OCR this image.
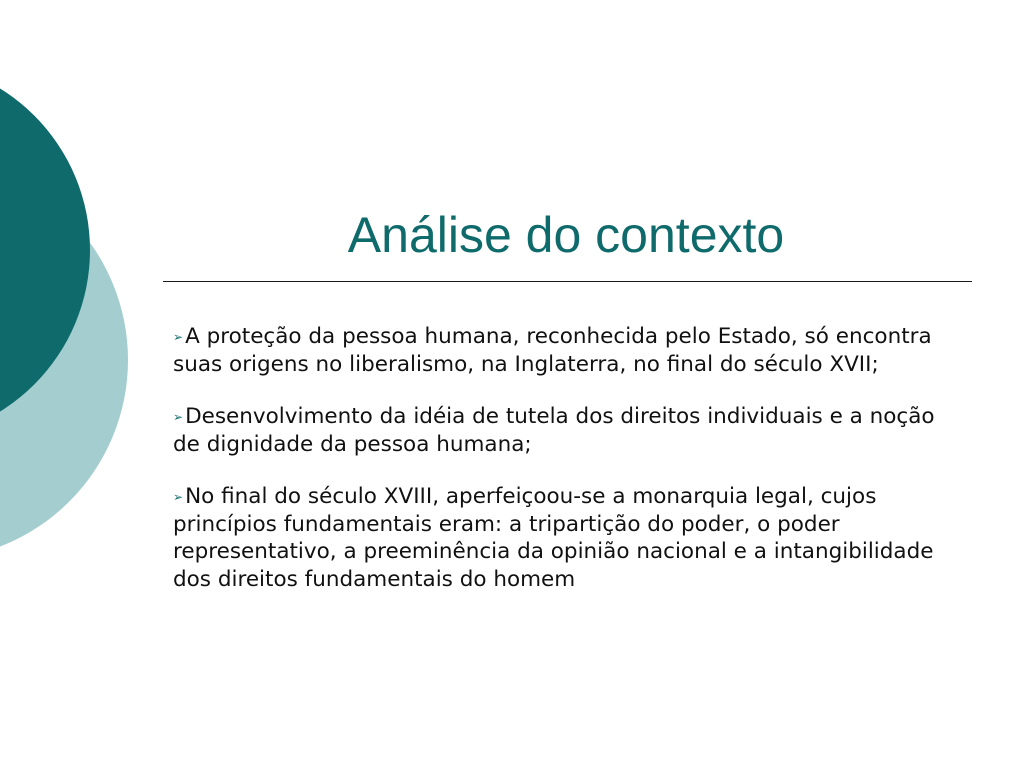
Análise do contexto
➢A proteção da pessoa humana, reconhecida pelo Estado, só encontra suas origens no liberalismo, na Inglaterra, no final do século XVII;
➢Desenvolvimento da idéia de tutela dos direitos individuais e a noção de dignidade da pessoa humana;
➢No final do século XVIII, aperfeiçoou-se a monarquia legal, cujos princípios fundamentais eram: a tripartição do poder, o poder representativo, a preeminência da opinião nacional e a intangibilidade dos direitos fundamentais do homem
